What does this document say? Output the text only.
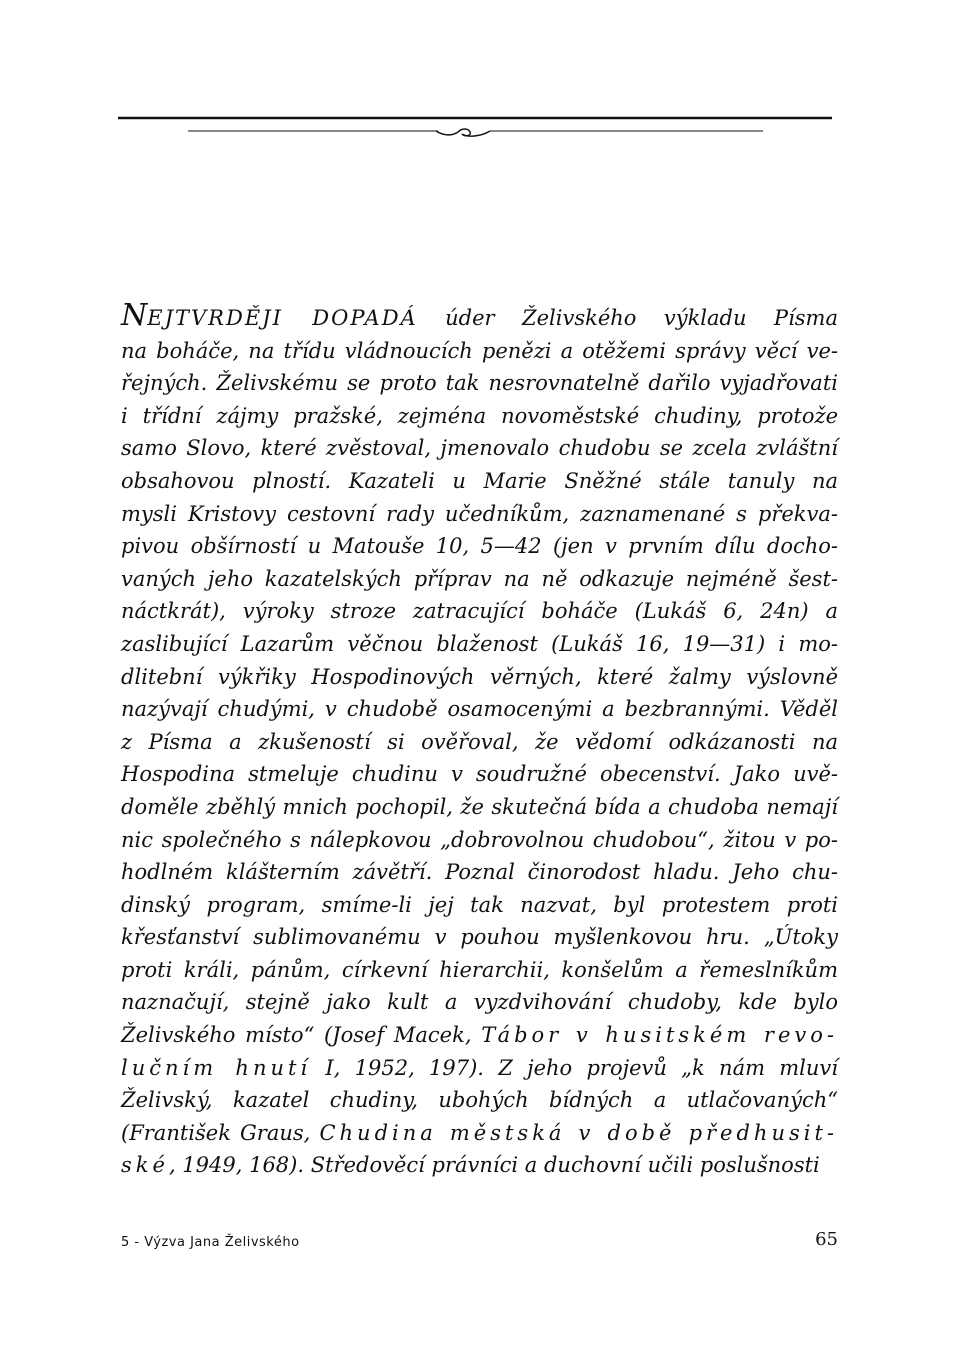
NEJTVRDĚJI DOPADÁ úder Želivského výkladu Písma
na boháče, na třídu vládnoucích penězi a otěžemi správy věcí ve-
řejných. Želivskému se proto tak nesrovnatelně dařilo vyjadřovati
i třídní zájmy pražské, zejména novoměstské chudiny, protože
samo Slovo, které zvěstoval, jmenovalo chudobu se zcela zvláštní
obsahovou plností. Kazateli u Marie Sněžné stále tanuly na
mysli Kristovy cestovní rady učedníkům, zaznamenané s překva-
pivou obšírností u Matouše 10, 5—42 (jen v prvním dílu docho-
vaných jeho kazatelských příprav na ně odkazuje nejméně šest-
náctkrát), výroky stroze zatracující boháče (Lukáš 6, 24n) a
zaslibující Lazarům věčnou blaženost (Lukáš 16, 19—31) i mo-
dlitební výkřiky Hospodinových věrných, které žalmy výslovně
nazývají chudými, v chudobě osamocenými a bezbrannými. Věděl
z Písma a zkušeností si ověřoval, že vědomí odkázanosti na
Hospodina stmeluje chudinu v soudružné obecenství. Jako uvě-
doměle zběhlý mnich pochopil, že skutečná bída a chudoba nemají
nic společného s nálepkovou „dobrovolnou chudobou“, žitou v po-
hodlném klášterním závětří. Poznal činorodost hladu. Jeho chu-
dinský program, smíme-li jej tak nazvat, byl protestem proti
křesťanství sublimovanému v pouhou myšlenkovou hru. „Útoky
proti králi, pánům, církevní hierarchii, konšelům a řemeslníkům
naznačují, stejně jako kult a vyzdvihování chudoby, kde bylo
Želivského místo“ (Josef Macek, Tábor v husitském revo-
lučním hnutí I, 1952, 197). Z jeho projevů „k nám mluví
Želivský, kazatel chudiny, ubohých bídných a utlačovaných“
(František Graus, Chudina městská v době předhusit-
ské, 1949, 168). Středověcí právníci a duchovní učili poslušnosti
5 - Výzva Jana Želivského	65
